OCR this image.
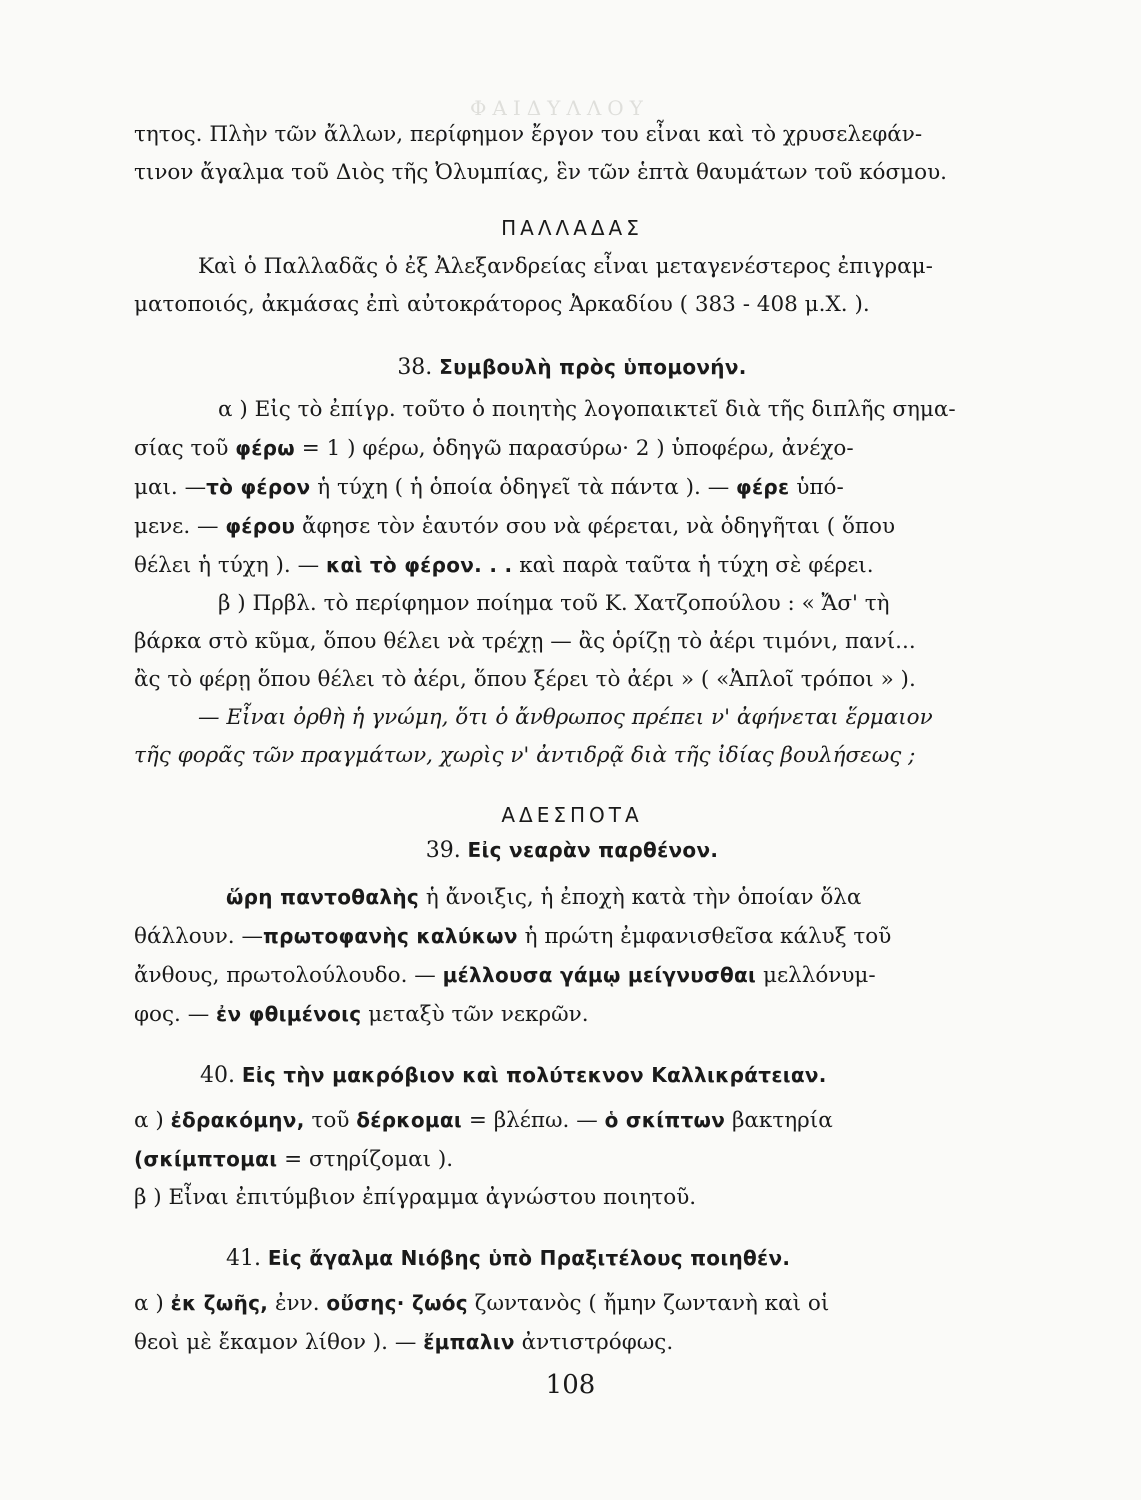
ΦΑΙΔΥΛΛΟΥ

τητος. Πλὴν τῶν ἄλλων, περίφημον ἔργον του εἶναι καὶ τὸ χρυσελεφάν-
τινον ἄγαλμα τοῦ Διὸς τῆς Ὀλυμπίας, ἓν τῶν ἑπτὰ θαυμάτων τοῦ κόσμου.

ΠΑΛΛΑΔΑΣ

Καὶ ὁ Παλλαδᾶς ὁ ἐξ Ἀλεξανδρείας εἶναι μεταγενέστερος ἐπιγραμ-
ματοποιός, ἀκμάσας ἐπὶ αὐτοκράτορος Ἀρκαδίου ( 383 - 408 μ.Χ. ).

38. Συμβουλὴ πρὸς ὑπομονήν.

α ) Εἰς τὸ ἐπίγρ. τοῦτο ὁ ποιητὴς λογοπαικτεῖ διὰ τῆς διπλῆς σημα-
σίας τοῦ φέρω = 1 ) φέρω, ὁδηγῶ παρασύρω· 2 ) ὑποφέρω, ἀνέχο-
μαι. —τὸ φέρον ἡ τύχη ( ἡ ὁποία ὁδηγεῖ τὰ πάντα ). — φέρε ὑπό-
μενε. — φέρου ἄφησε τὸν ἑαυτόν σου νὰ φέρεται, νὰ ὁδηγῆται ( ὅπου
θέλει ἡ τύχη ). — καὶ τὸ φέρον. . . καὶ παρὰ ταῦτα ἡ τύχη σὲ φέρει.
β ) Πρβλ. τὸ περίφημον ποίημα τοῦ Κ. Χατζοπούλου : « Ἄσ' τὴ
βάρκα στὸ κῦμα, ὅπου θέλει νὰ τρέχῃ — ἂς ὁρίζῃ τὸ ἀέρι τιμόνι, πανί...
ἂς τὸ φέρῃ ὅπου θέλει τὸ ἀέρι, ὅπου ξέρει τὸ ἀέρι » ( «Ἁπλοῖ τρόποι » ).
— Εἶναι ὀρθὴ ἡ γνώμη, ὅτι ὁ ἄνθρωπος πρέπει ν' ἀφήνεται ἕρμαιον
τῆς φορᾶς τῶν πραγμάτων, χωρὶς ν' ἀντιδρᾷ διὰ τῆς ἰδίας βουλήσεως ;

ΑΔΕΣΠΟΤΑ

39. Εἰς νεαρὰν παρθένον.

ὥρη παντοθαλὴς ἡ ἄνοιξις, ἡ ἐποχὴ κατὰ τὴν ὁποίαν ὅλα
θάλλουν. —πρωτοφανὴς καλύκων ἡ πρώτη ἐμφανισθεῖσα κάλυξ τοῦ
ἄνθους, πρωτολούλουδο. — μέλλουσα γάμῳ μείγνυσθαι μελλόνυμ-
φος. — ἐν φθιμένοις μεταξὺ τῶν νεκρῶν.

40. Εἰς τὴν μακρόβιον καὶ πολύτεκνον Καλλικράτειαν.

α ) ἐδρακόμην, τοῦ δέρκομαι = βλέπω. — ὁ σκίπτων βακτηρία
(σκίμπτομαι = στηρίζομαι ).
β ) Εἶναι ἐπιτύμβιον ἐπίγραμμα ἀγνώστου ποιητοῦ.

41. Εἰς ἄγαλμα Νιόβης ὑπὸ Πραξιτέλους ποιηθέν.

α ) ἐκ ζωῆς, ἐνν. οὔσης· ζωός ζωντανὸς ( ἤμην ζωντανὴ καὶ οἱ
θεοὶ μὲ ἔκαμον λίθον ). — ἔμπαλιν ἀντιστρόφως.

108
